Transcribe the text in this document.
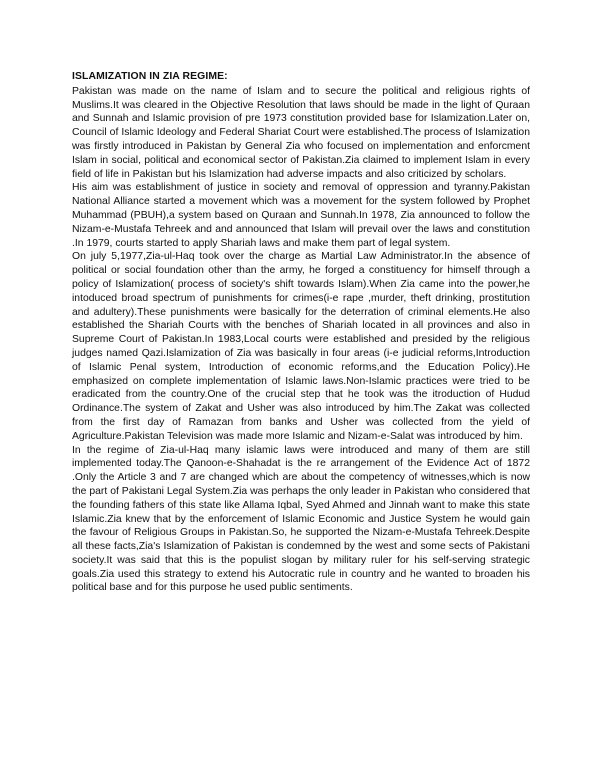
ISLAMIZATION IN ZIA REGIME:

Pakistan was made on the name of Islam and to secure the political and religious rights of Muslims.It was cleared in the Objective Resolution that laws should be made in the light of Quraan and Sunnah and Islamic provision of pre 1973 constitution provided base for Islamization.Later on, Council of Islamic Ideology and Federal Shariat Court were established.The process of Islamization was firstly introduced in Pakistan by General Zia who focused on implementation and enforcment Islam in social, political and economical sector of Pakistan.Zia claimed to implement Islam in every field of life in Pakistan but his Islamization had adverse impacts and also criticized by scholars.

His aim was establishment of justice in society and removal of oppression and tyranny.Pakistan National Alliance started a movement which was a movement for the system followed by Prophet Muhammad (PBUH),a system based on Quraan and Sunnah.In 1978, Zia announced to follow the Nizam-e-Mustafa Tehreek and and announced that Islam will prevail over the laws and constitution .In 1979, courts started to apply Shariah laws and make them part of legal system.

On july 5,1977,Zia-ul-Haq took over the charge as Martial Law Administrator.In the absence of political or social foundation other than the army, he forged a constituency for himself through a policy of Islamization( process of society's shift towards Islam).When Zia came into the power,he intoduced broad spectrum of punishments for crimes(i-e rape ,murder, theft drinking, prostitution and adultery).These punishments were basically for the deterration of criminal elements.He also established the Shariah Courts with the benches of Shariah located in all provinces and also in Supreme Court of Pakistan.In 1983,Local courts were established and presided by the religious judges named Qazi.Islamization of Zia was basically in four areas (i-e judicial reforms,Introduction of Islamic Penal system, Introduction of economic reforms,and the Education Policy).He emphasized on complete implementation of Islamic laws.Non-Islamic practices were tried to be eradicated from the country.One of the crucial step that he took was the itroduction of Hudud Ordinance.The system of Zakat and Usher was also introduced by him.The Zakat was collected from the first day of Ramazan from banks and Usher was collected from the yield of Agriculture.Pakistan Television was made more Islamic and Nizam-e-Salat was introduced by him.

In the regime of Zia-ul-Haq many islamic laws were introduced and many of them are still implemented today.The Qanoon-e-Shahadat is the re arrangement of the Evidence Act of 1872 .Only the Article 3 and 7 are changed which are about the competency of witnesses,which is now the part of Pakistani Legal System.Zia was perhaps the only leader in Pakistan who considered that the founding fathers of this state like Allama Iqbal, Syed Ahmed and Jinnah want to make this state Islamic.Zia knew that by the enforcement of Islamic Economic and Justice System he would gain the favour of Religious Groups in Pakistan.So, he supported the Nizam-e-Mustafa Tehreek.Despite all these facts,Zia's Islamization of Pakistan is condemned by the west and some sects of Pakistani society.It was said that this is the populist slogan by military ruler for his self-serving strategic goals.Zia used this strategy to extend his Autocratic rule in country and he wanted to broaden his political base and for this purpose he used public sentiments.
